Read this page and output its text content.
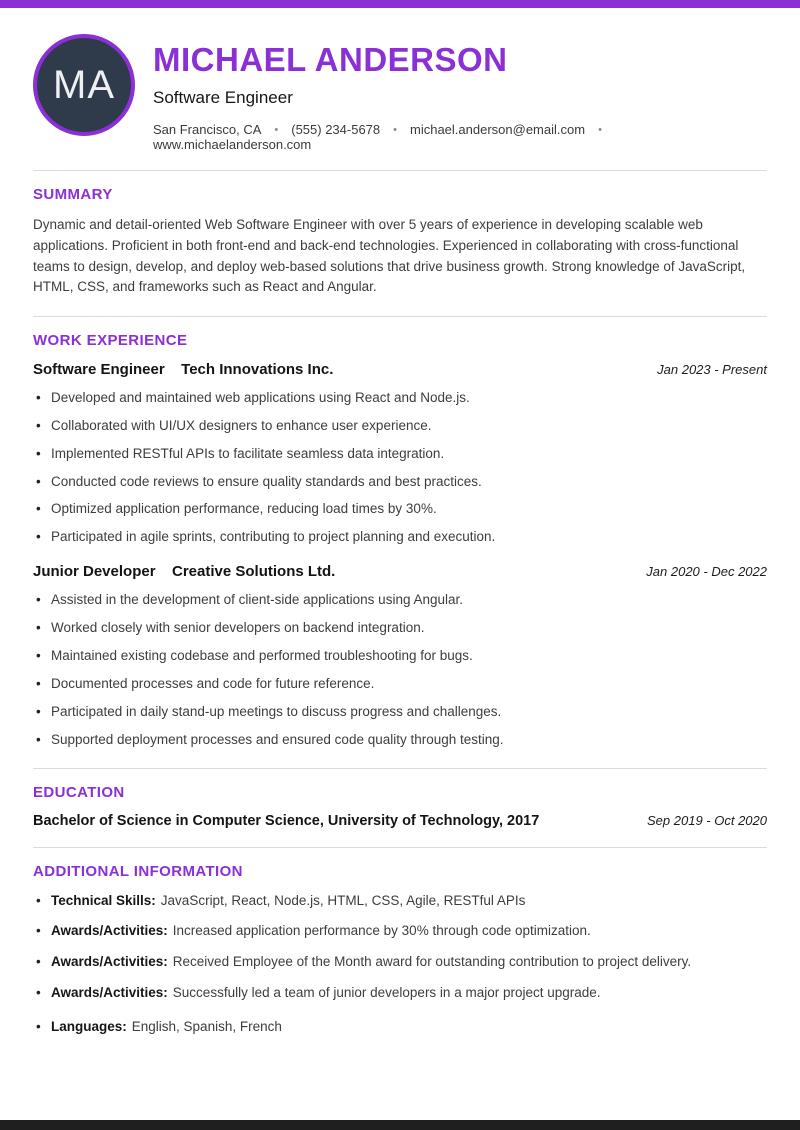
MA
MICHAEL ANDERSON
Software Engineer
San Francisco, CA • (555) 234-5678 • michael.anderson@email.com
•
www.michaelanderson.com
SUMMARY

Dynamic and detail-oriented Web Software Engineer with over 5 years of experience in developing scalable web applications. Proficient in both front-end and back-end technologies. Experienced in collaborating with cross-functional teams to design, develop, and deploy web-based solutions that drive business growth. Strong knowledge of JavaScript, HTML, CSS, and frameworks such as React and Angular.

WORK EXPERIENCE
Software Engineer Tech Innovations Inc.	Jan 2023 - Present
• Developed and maintained web applications using React and Node.js.
• Collaborated with UI/UX designers to enhance user experience.
• Implemented RESTful APIs to facilitate seamless data integration.
• Conducted code reviews to ensure quality standards and best practices.
• Optimized application performance, reducing load times by 30%.
• Participated in agile sprints, contributing to project planning and execution.
Junior Developer Creative Solutions Ltd.	Jan 2020 - Dec 2022
• Assisted in the development of client-side applications using Angular.
• Worked closely with senior developers on backend integration.
• Maintained existing codebase and performed troubleshooting for bugs.
• Documented processes and code for future reference.
• Participated in daily stand-up meetings to discuss progress and challenges.
• Supported deployment processes and ensured code quality through testing.
EDUCATION
Bachelor of Science in Computer Science, University of Technology, 2017	Sep 2019 - Oct 2020
ADDITIONAL INFORMATION
• Technical Skills: JavaScript, React, Node.js, HTML, CSS, Agile, RESTful APIs
• Awards/Activities: Increased application performance by 30% through code optimization.
• Awards/Activities: Received Employee of the Month award for outstanding contribution to project delivery.
• Awards/Activities: Successfully led a team of junior developers in a major project upgrade.
• Languages: English, Spanish, French
